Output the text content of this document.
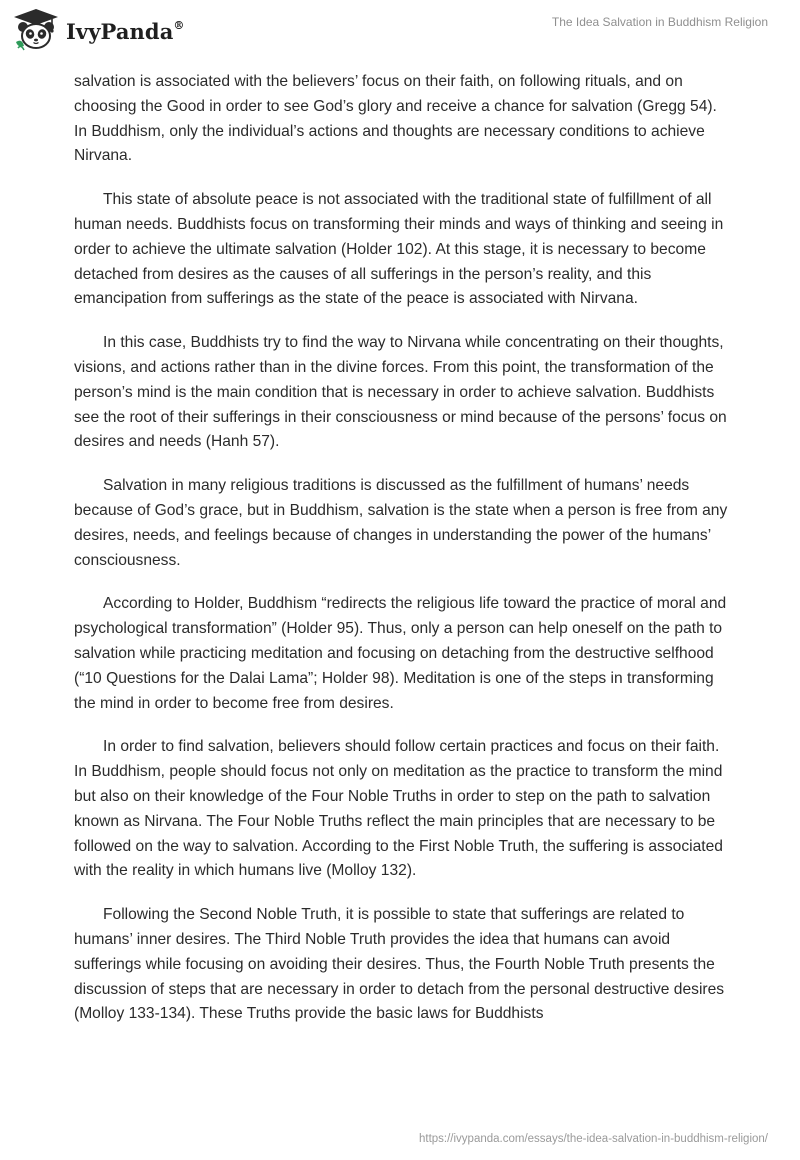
IvyPanda®	The Idea Salvation in Buddhism Religion

salvation is associated with the believers’ focus on their faith, on following rituals, and on choosing the Good in order to see God’s glory and receive a chance for salvation (Gregg 54). In Buddhism, only the individual’s actions and thoughts are necessary conditions to achieve Nirvana.

This state of absolute peace is not associated with the traditional state of fulfillment of all human needs. Buddhists focus on transforming their minds and ways of thinking and seeing in order to achieve the ultimate salvation (Holder 102). At this stage, it is necessary to become detached from desires as the causes of all sufferings in the person’s reality, and this emancipation from sufferings as the state of the peace is associated with Nirvana.

In this case, Buddhists try to find the way to Nirvana while concentrating on their thoughts, visions, and actions rather than in the divine forces. From this point, the transformation of the person’s mind is the main condition that is necessary in order to achieve salvation. Buddhists see the root of their sufferings in their consciousness or mind because of the persons’ focus on desires and needs (Hanh 57).

Salvation in many religious traditions is discussed as the fulfillment of humans’ needs because of God’s grace, but in Buddhism, salvation is the state when a person is free from any desires, needs, and feelings because of changes in understanding the power of the humans’ consciousness.

According to Holder, Buddhism “redirects the religious life toward the practice of moral and psychological transformation” (Holder 95). Thus, only a person can help oneself on the path to salvation while practicing meditation and focusing on detaching from the destructive selfhood (“10 Questions for the Dalai Lama”; Holder 98). Meditation is one of the steps in transforming the mind in order to become free from desires.

In order to find salvation, believers should follow certain practices and focus on their faith. In Buddhism, people should focus not only on meditation as the practice to transform the mind but also on their knowledge of the Four Noble Truths in order to step on the path to salvation known as Nirvana. The Four Noble Truths reflect the main principles that are necessary to be followed on the way to salvation. According to the First Noble Truth, the suffering is associated with the reality in which humans live (Molloy 132).

Following the Second Noble Truth, it is possible to state that sufferings are related to humans’ inner desires. The Third Noble Truth provides the idea that humans can avoid sufferings while focusing on avoiding their desires. Thus, the Fourth Noble Truth presents the discussion of steps that are necessary in order to detach from the personal destructive desires (Molloy 133-134). These Truths provide the basic laws for Buddhists

https://ivypanda.com/essays/the-idea-salvation-in-buddhism-religion/
